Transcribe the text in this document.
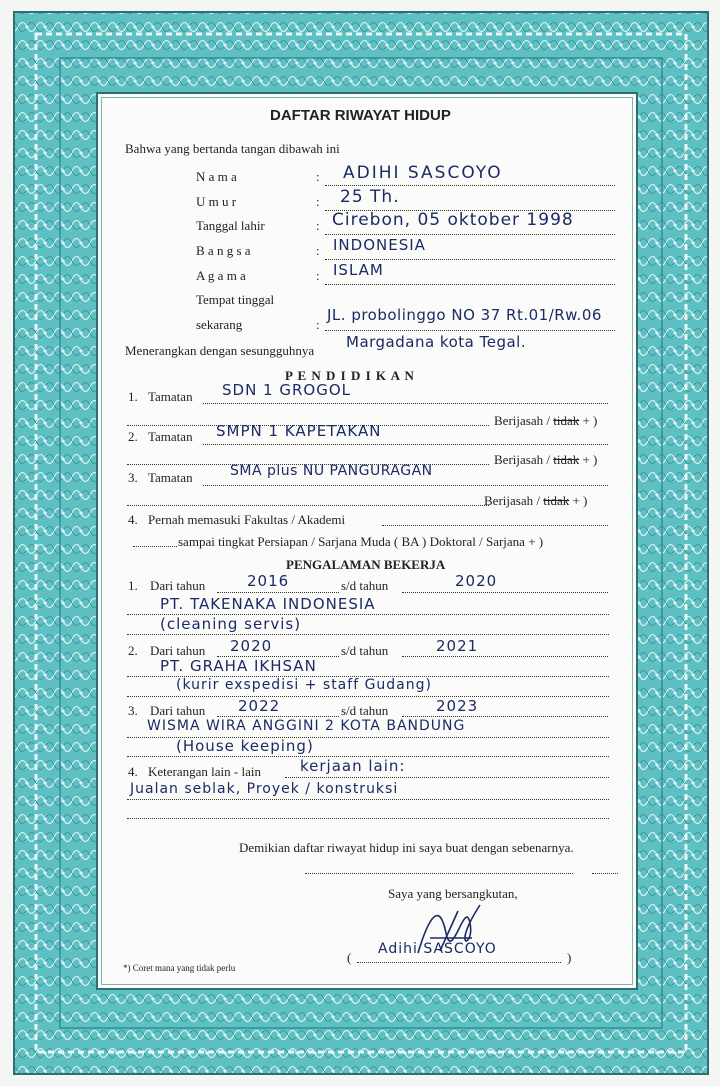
DAFTAR RIWAYAT HIDUP
Bahwa yang bertanda tangan dibawah ini
N a m a	: ADIHI SASCOYO
U m u r	: 25 Th.
Tanggal lahir	: Cirebon, 05 oktober 1998
B a n g s a	: INDONESIA
A g a m a	: ISLAM
Tempat tinggal
sekarang	:
JL. probolinggo NO 37 Rt.01/Rw.06
Menerangkan dengan sesungguhnya Margadana kota Tegal.
P E N D I D I K A N
1. Tamatan SDN 1 GROGOL
Berijasah / tidak + )
2. Tamatan SMPN 1 KAPETAKAN
Berijasah / tidak + )
3. Tamatan	SMA plus NU PANGURAGAN
Berijasah / tidak + )
4. Pernah memasuki Fakultas / Akademi
sampai tingkat Persiapan / Sarjana Muda ( BA ) Doktoral / Sarjana + )
PENGALAMAN BEKERJA
1. Dari tahun	2016	s/d tahun	2020
PT. TAKENAKA INDONESIA
(cleaning servis)
2. Dari tahun 2020	s/d tahun	2021
PT. GRAHA IKHSAN
(kurir exspedisi + staff Gudang)
3. Dari tahun 2022	s/d tahun	2023
WISMA WIRA ANGGINI 2 KOTA BANDUNG
(House keeping)
4. Keterangan lain - lain	kerjaan lain:
Jualan seblak, Proyek / konstruksi
Demikian daftar riwayat hidup ini saya buat dengan sebenarnya.
Saya yang bersangkutan,
(
Adihi SASCOYO
)
*) Coret mana yang tidak perlu
